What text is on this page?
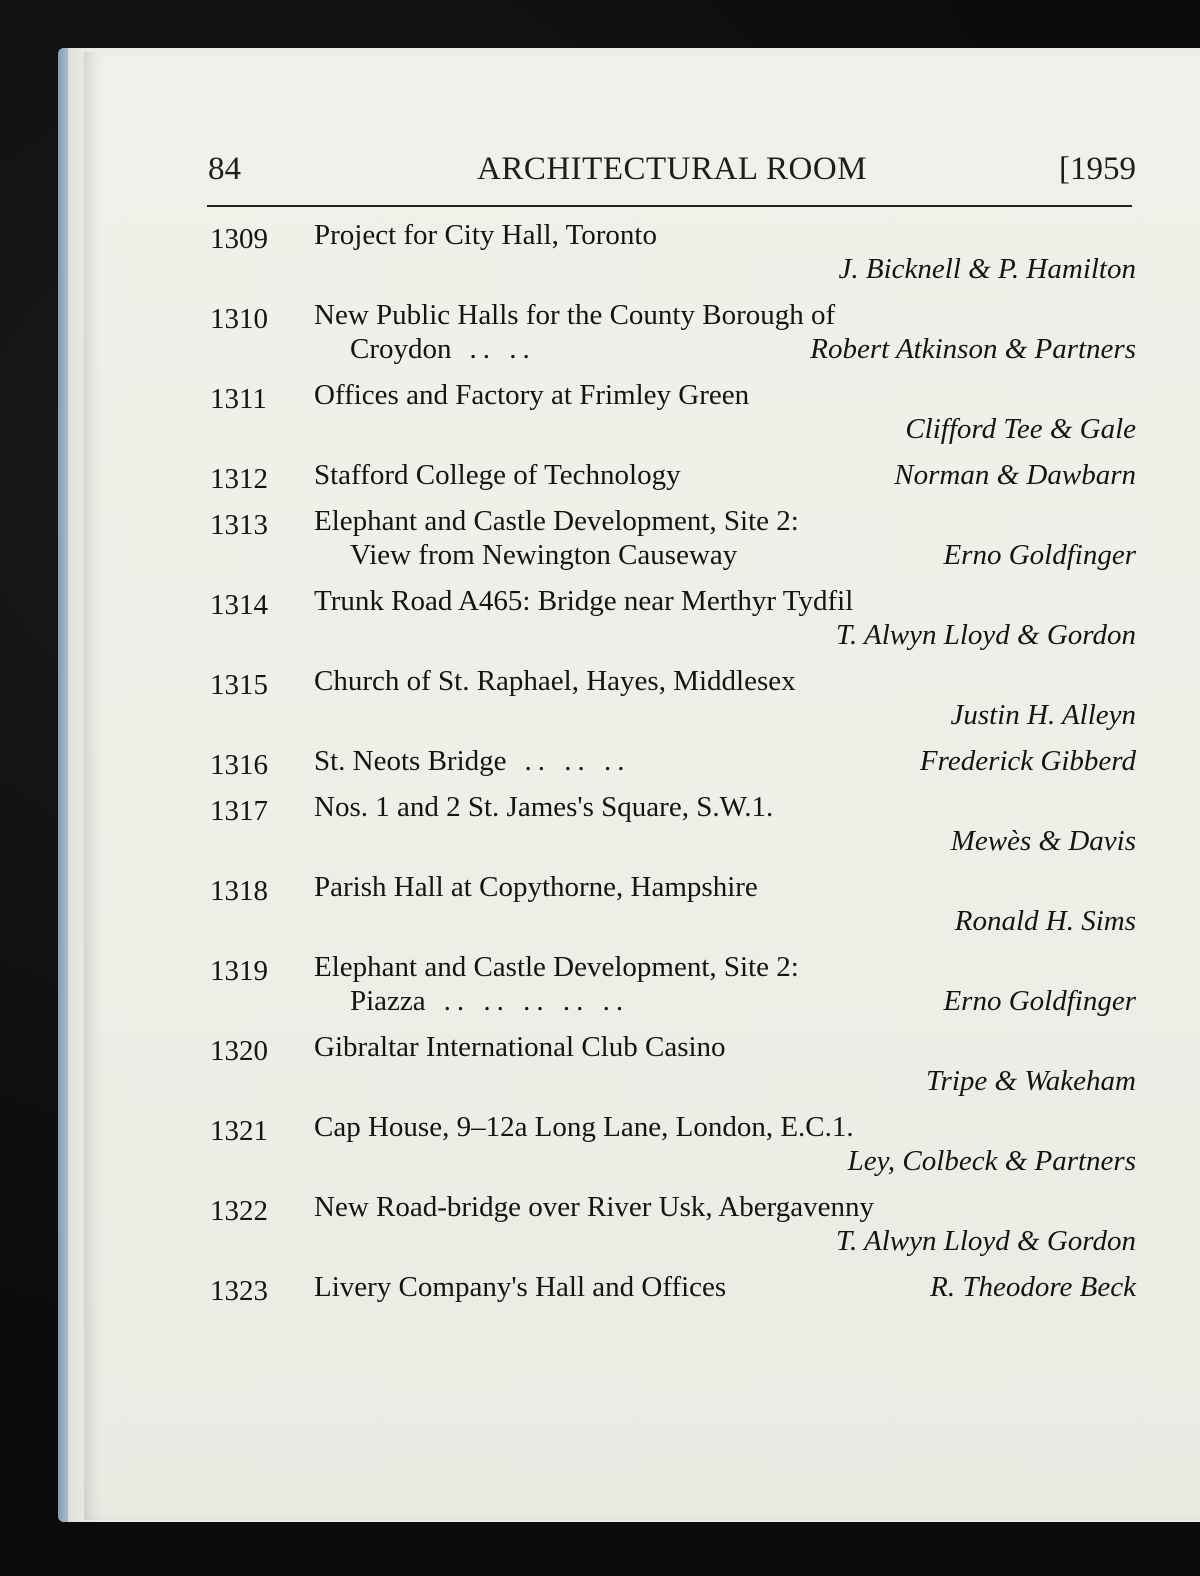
ARCHITECTURAL ROOM
84	[1959
1309 Project for City Hall, Toronto
J. Bicknell & P. Hamilton
1310 New Public Halls for the County Borough of
Croydon .. ..	Robert Atkinson & Partners
1311 Offices and Factory at Frimley Green
Clifford Tee & Gale
1312 Stafford College of Technology	Norman & Dawbarn
1313 Elephant and Castle Development, Site 2:
View from Newington Causeway	Erno Goldfinger
1314 Trunk Road A465: Bridge near Merthyr Tydfil
T. Alwyn Lloyd & Gordon
1315 Church of St. Raphael, Hayes, Middlesex
Justin H. Alleyn
1316 St. Neots Bridge .. .. ..	Frederick Gibberd
1317 Nos. 1 and 2 St. James's Square, S.W.1.
Mewès & Davis
1318 Parish Hall at Copythorne, Hampshire
Ronald H. Sims
1319 Elephant and Castle Development, Site 2:
Piazza .. .. .. .. ..	Erno Goldfinger
1320 Gibraltar International Club Casino
Tripe & Wakeham
1321 Cap House, 9–12a Long Lane, London, E.C.1.
Ley, Colbeck & Partners
1322 New Road-bridge over River Usk, Abergavenny
T. Alwyn Lloyd & Gordon
1323 Livery Company's Hall and Offices	R. Theodore Beck
